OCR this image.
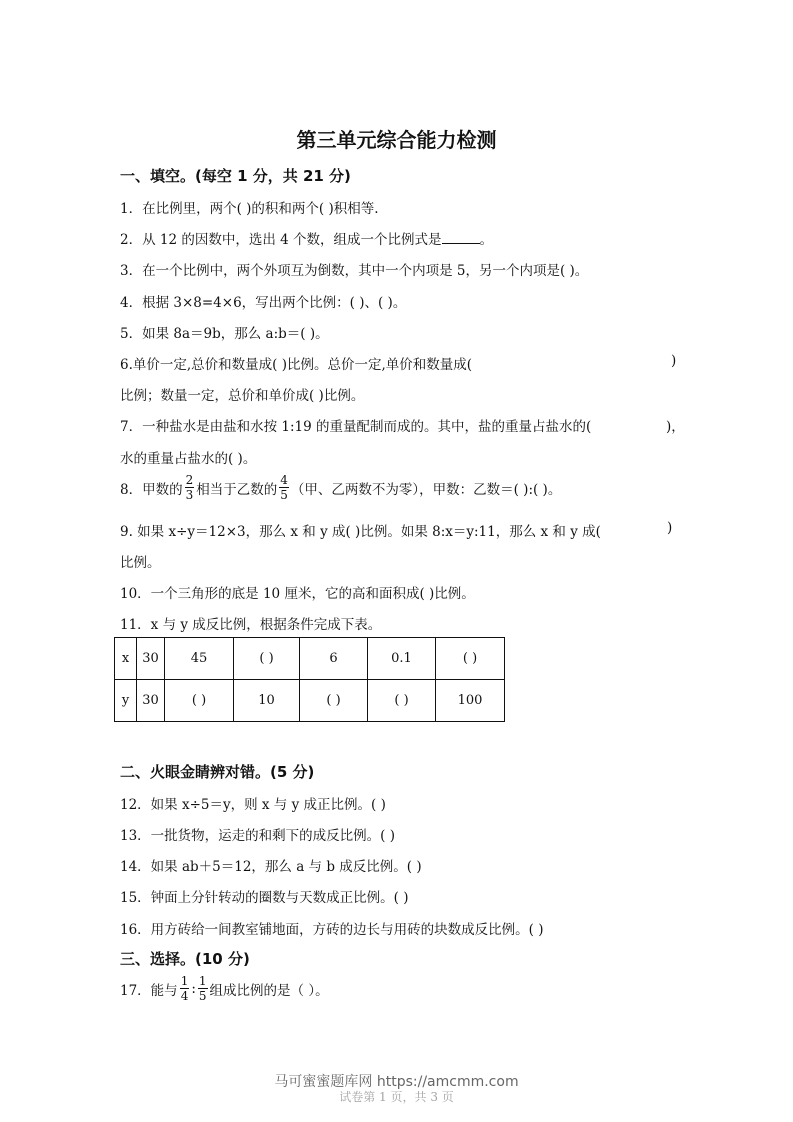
第三单元综合能力检测
一、填空。(每空 1 分，共 21 分)
1．在比例里，两个( )的积和两个( )积相等.
2．从 12 的因数中，选出 4 个数，组成一个比例式是	。
3．在一个比例中，两个外项互为倒数，其中一个内项是 5，另一个内项是( )。
4．根据 3×8=4×6，写出两个比例：( )、( )。
5．如果 8a＝9b，那么 a:b＝( )。
6.单价一定,总价和数量成( )比例。总价一定,单价和数量成(	)
比例；数量一定，总价和单价成( )比例。
7．一种盐水是由盐和水按 1:19 的重量配制而成的。其中，盐的重量占盐水的(	)，
水的重量占盐水的( )。
8．甲数的 $\frac{2}{3}$ 相当于乙数的 $\frac{4}{5}$ （甲、乙两数不为零），甲数：乙数＝( ):( )。
9. 如果 x÷y＝12×3，那么 x 和 y 成( )比例。如果 8:x＝y:11，那么 x 和 y 成(	)
比例。
10．一个三角形的底是 10 厘米，它的高和面积成( )比例。
11．x 与 y 成反比例，根据条件完成下表。
x	30	45	( )	6	0.1	( )
y	30	( )	10	( )	( )	100
二、火眼金睛辨对错。(5 分)
12．如果 x÷5＝y，则 x 与 y 成正比例。( )
13．一批货物，运走的和剩下的成反比例。( )
14．如果 ab＋5＝12，那么 a 与 b 成反比例。( )
15．钟面上分针转动的圈数与天数成正比例。( )
16．用方砖给一间教室铺地面，方砖的边长与用砖的块数成反比例。( )
三、选择。(10 分)
17．能与 $\frac{1}{4}$ : $\frac{1}{5}$ 组成比例的是（ ）。
马可蜜蜜题库网 https://amcmm.com
试卷第 1 页，共 3 页
